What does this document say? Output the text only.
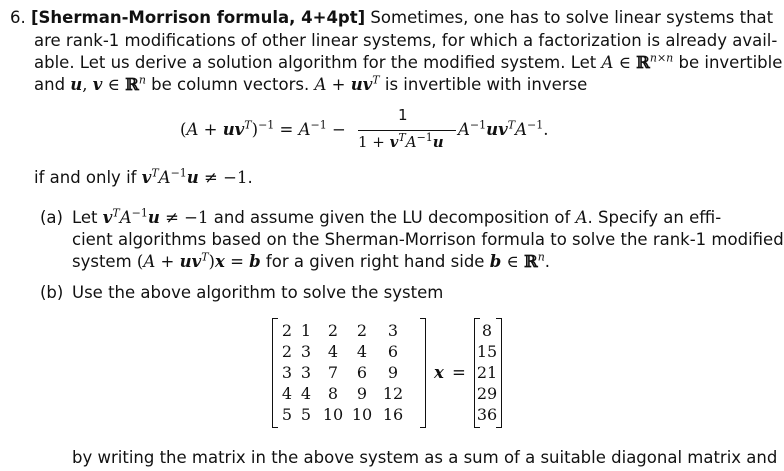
6. [Sherman-Morrison formula, 4+4pt] Sometimes, one has to solve linear systems that
are rank-1 modifications of other linear systems, for which a factorization is already avail-
able. Let us derive a solution algorithm for the modified system. Let A ∈ ℝ$^{n\times n}$ be invertible
and u, v ∈ ℝ$^n$ be column vectors. $A + uv^T$ is invertible with inverse
$(A + uv^T)^{-1} = A^{-1}$ −
1
$1 + v^TA^{-1}u$
$A^{-1}uv^TA^{-1}$.
if and only if $v^TA^{-1}u \ne -1$.
(a) Let $v^TA^{-1}u \ne -1$ and assume given the LU decomposition of A. Specify an effi-
cient algorithms based on the Sherman-Morrison formula to solve the rank-1 modified
system $(A + uv^T)x = b$ for a given right hand side b ∈ ℝ$^n$.
(b) Use the above algorithm to solve the system
2 1	2	2	3
2 3	4	4	6
3 3	7	6	9
4 4	8	9 12
5 5 10 10 16
x =
8
15
21
29
36
by writing the matrix in the above system as a sum of a suitable diagonal matrix and
